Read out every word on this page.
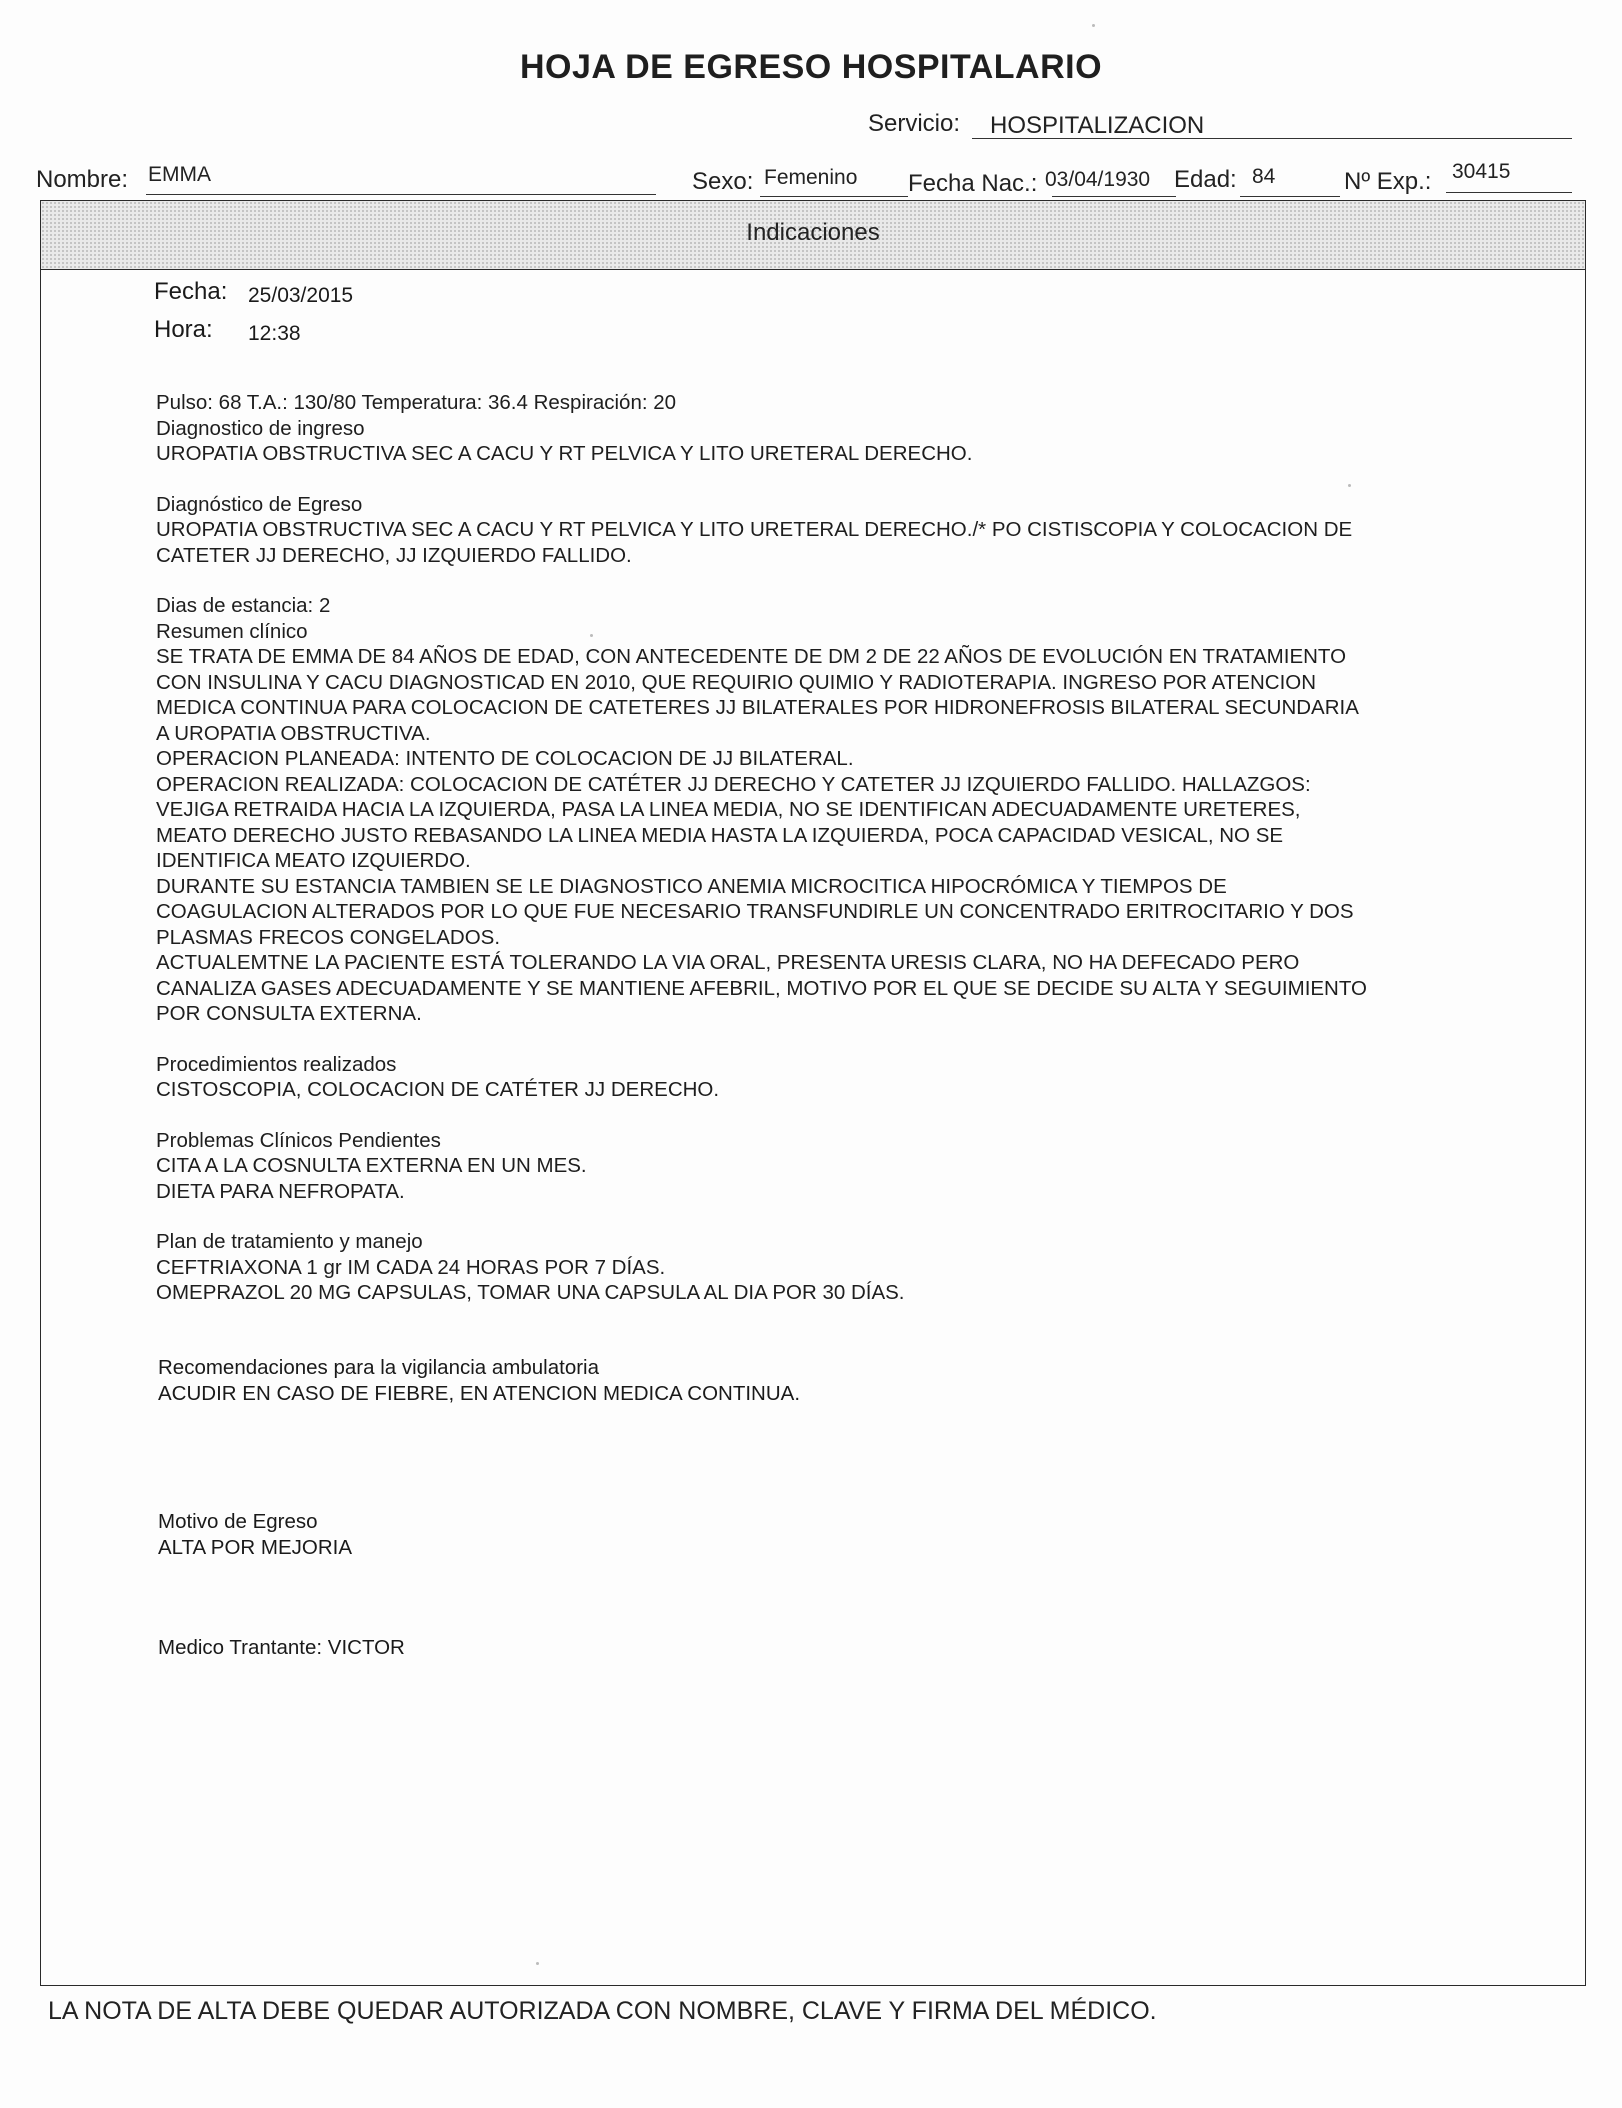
HOJA DE EGRESO HOSPITALARIO
Servicio: HOSPITALIZACION
Nombre: EMMA	Sexo: Femenino Fecha Nac.: 03/04/1930 Edad: 84	Nº Exp.: 30415
Indicaciones
Fecha: 25/03/2015
Hora: 12:38
Pulso: 68 T.A.: 130/80 Temperatura: 36.4 Respiración: 20
Diagnostico de ingreso
UROPATIA OBSTRUCTIVA SEC A CACU Y RT PELVICA Y LITO URETERAL DERECHO.
Diagnóstico de Egreso
UROPATIA OBSTRUCTIVA SEC A CACU Y RT PELVICA Y LITO URETERAL DERECHO./* PO CISTISCOPIA Y COLOCACION DE
CATETER JJ DERECHO, JJ IZQUIERDO FALLIDO.
Dias de estancia: 2
Resumen clínico
SE TRATA DE EMMA DE 84 AÑOS DE EDAD, CON ANTECEDENTE DE DM 2 DE 22 AÑOS DE EVOLUCIÓN EN TRATAMIENTO
CON INSULINA Y CACU DIAGNOSTICAD EN 2010, QUE REQUIRIO QUIMIO Y RADIOTERAPIA. INGRESO POR ATENCION
MEDICA CONTINUA PARA COLOCACION DE CATETERES JJ BILATERALES POR HIDRONEFROSIS BILATERAL SECUNDARIA
A UROPATIA OBSTRUCTIVA.
OPERACION PLANEADA: INTENTO DE COLOCACION DE JJ BILATERAL.
OPERACION REALIZADA: COLOCACION DE CATÉTER JJ DERECHO Y CATETER JJ IZQUIERDO FALLIDO. HALLAZGOS:
VEJIGA RETRAIDA HACIA LA IZQUIERDA, PASA LA LINEA MEDIA, NO SE IDENTIFICAN ADECUADAMENTE URETERES,
MEATO DERECHO JUSTO REBASANDO LA LINEA MEDIA HASTA LA IZQUIERDA, POCA CAPACIDAD VESICAL, NO SE
IDENTIFICA MEATO IZQUIERDO.
DURANTE SU ESTANCIA TAMBIEN SE LE DIAGNOSTICO ANEMIA MICROCITICA HIPOCRÓMICA Y TIEMPOS DE
COAGULACION ALTERADOS POR LO QUE FUE NECESARIO TRANSFUNDIRLE UN CONCENTRADO ERITROCITARIO Y DOS
PLASMAS FRECOS CONGELADOS.
ACTUALEMTNE LA PACIENTE ESTÁ TOLERANDO LA VIA ORAL, PRESENTA URESIS CLARA, NO HA DEFECADO PERO
CANALIZA GASES ADECUADAMENTE Y SE MANTIENE AFEBRIL, MOTIVO POR EL QUE SE DECIDE SU ALTA Y SEGUIMIENTO
POR CONSULTA EXTERNA.
Procedimientos realizados
CISTOSCOPIA, COLOCACION DE CATÉTER JJ DERECHO.
Problemas Clínicos Pendientes
CITA A LA COSNULTA EXTERNA EN UN MES.
DIETA PARA NEFROPATA.
Plan de tratamiento y manejo
CEFTRIAXONA 1 gr IM CADA 24 HORAS POR 7 DÍAS.
OMEPRAZOL 20 MG CAPSULAS, TOMAR UNA CAPSULA AL DIA POR 30 DÍAS.
Recomendaciones para la vigilancia ambulatoria
ACUDIR EN CASO DE FIEBRE, EN ATENCION MEDICA CONTINUA.
Motivo de Egreso
ALTA POR MEJORIA
Medico Trantante: VICTOR
LA NOTA DE ALTA DEBE QUEDAR AUTORIZADA CON NOMBRE, CLAVE Y FIRMA DEL MÉDICO.
